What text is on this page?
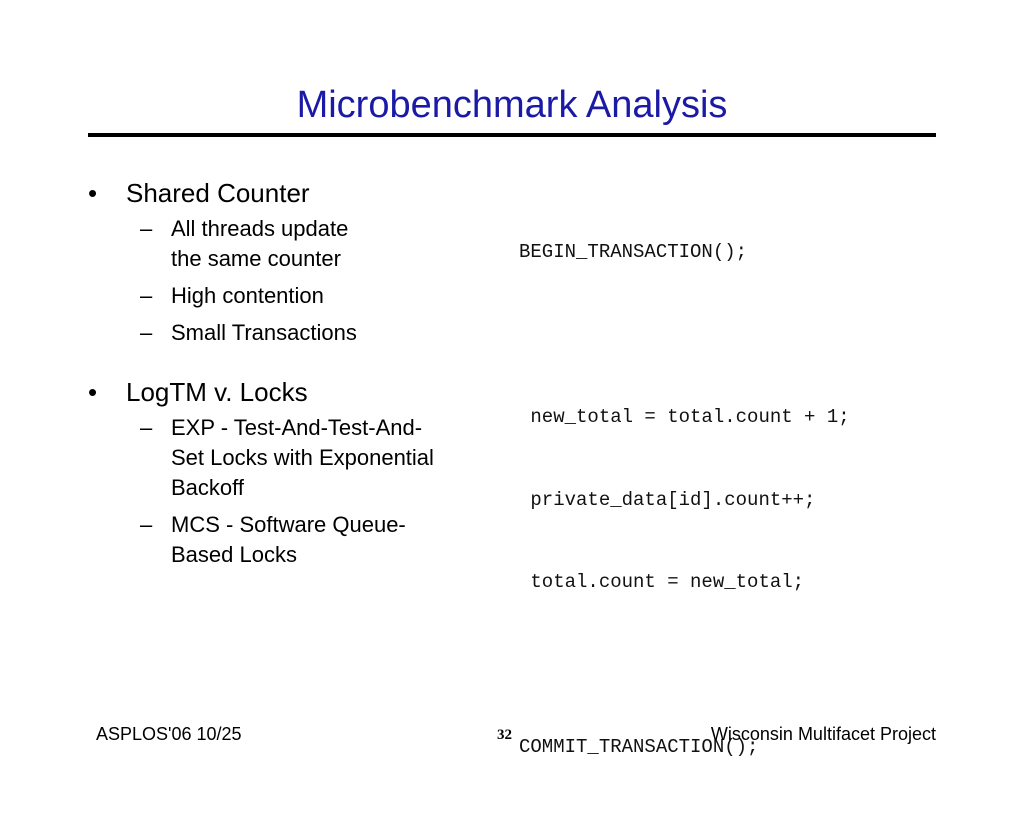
Microbenchmark Analysis
• Shared Counter
– All threads update
the same counter
– High contention
– Small Transactions
• LogTM v. Locks
– EXP - Test-And-Test-And-
Set Locks with Exponential
Backoff
– MCS - Software Queue-
Based Locks

BEGIN_TRANSACTION();

new_total = total.count + 1;

private_data[id].count++;

total.count = new_total;

COMMIT_TRANSACTION();

ASPLOS'06 10/25	32	Wisconsin Multifacet Project
